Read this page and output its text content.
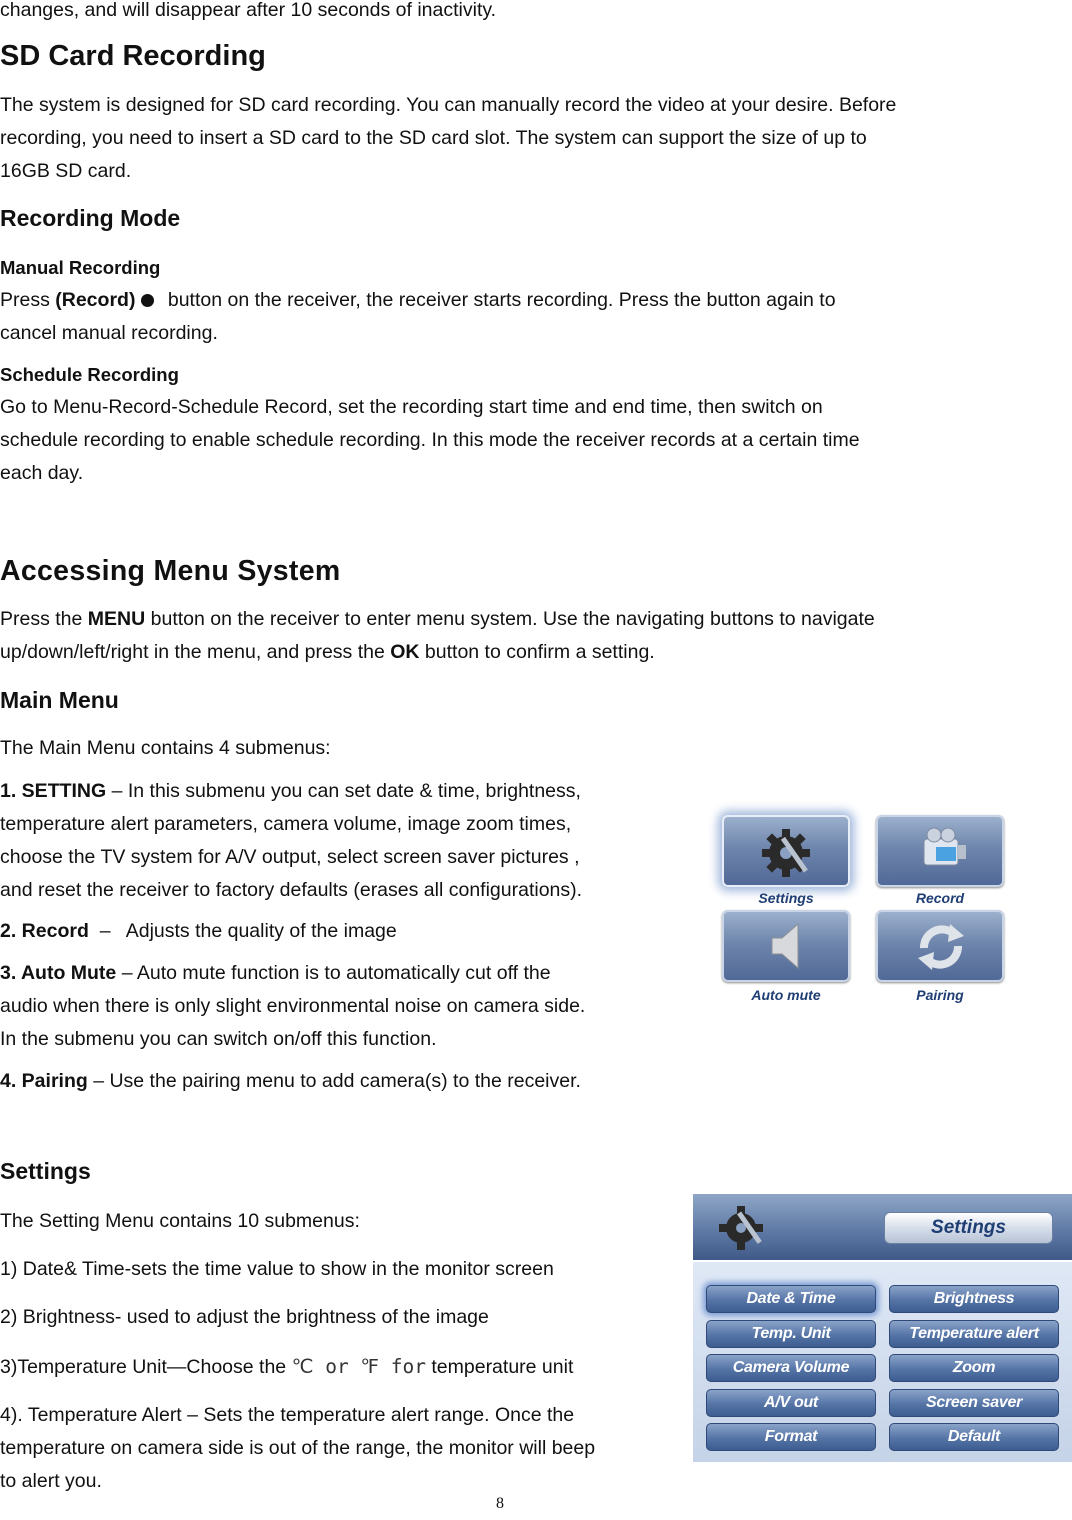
changes, and will disappear after 10 seconds of inactivity.
SD Card Recording
The system is designed for SD card recording. You can manually record the video at your desire. Before
recording, you need to insert a SD card to the SD card slot. The system can support the size of up to
16GB SD card.
Recording Mode
Manual Recording
Press (Record) button on the receiver, the receiver starts recording. Press the button again to
cancel manual recording.
Schedule Recording
Go to Menu-Record-Schedule Record, set the recording start time and end time, then switch on
schedule recording to enable schedule recording. In this mode the receiver records at a certain time
each day.
Accessing Menu System
Press the MENU button on the receiver to enter menu system. Use the navigating buttons to navigate
up/down/left/right in the menu, and press the OK button to confirm a setting.
Main Menu
The Main Menu contains 4 submenus:
1. SETTING – In this submenu you can set date & time, brightness,
temperature alert parameters, camera volume, image zoom times,
choose the TV system for A/V output, select screen saver pictures ,
and reset the receiver to factory defaults (erases all configurations).
2. Record  –   Adjusts the quality of the image
3. Auto Mute – Auto mute function is to automatically cut off the
audio when there is only slight environmental noise on camera side.
In the submenu you can switch on/off this function.
4. Pairing – Use the pairing menu to add camera(s) to the receiver.
Settings	Record
Auto mute	Pairing
Settings
The Setting Menu contains 10 submenus:
1) Date& Time-sets the time value to show in the monitor screen
2) Brightness- used to adjust the brightness of the image
3)Temperature Unit—Choose the ℃ or ℉ for temperature unit
4). Temperature Alert – Sets the temperature alert range. Once the
temperature on camera side is out of the range, the monitor will beep
to alert you.
Settings
Date & Time	Brightness
Temp. Unit	Temperature alert
Camera Volume	Zoom
A/V out	Screen saver
Format	Default
8
